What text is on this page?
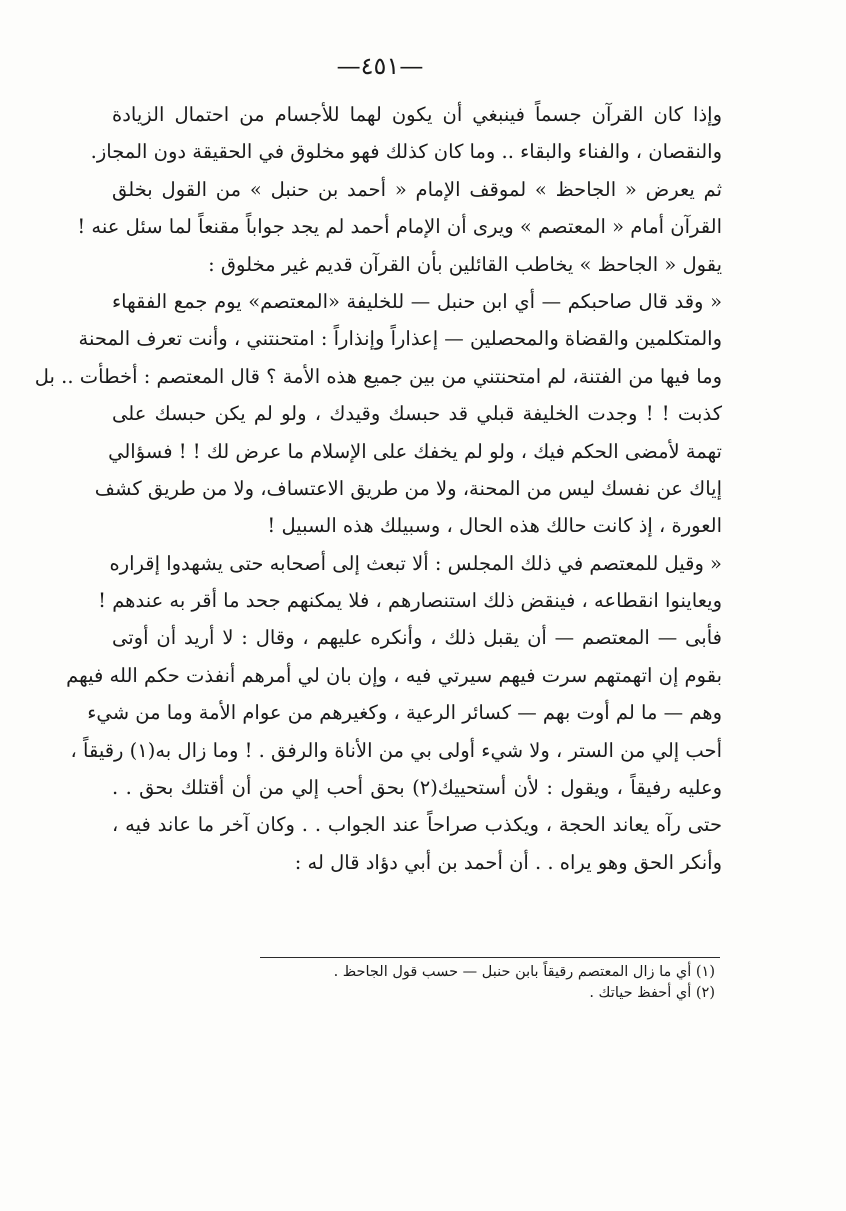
—٤٥١—
وإذا كان القرآن جسماً فينبغي أن يكون لهما للأجسام من احتمال الزيادة
والنقصان ، والفناء والبقاء .. وما كان كذلك فهو مخلوق في الحقيقة دون المجاز.
ثم يعرض « الجاحظ » لموقف الإمام « أحمد بن حنبل » من القول بخلق
القرآن أمام « المعتصم » ويرى أن الإمام أحمد لم يجد جواباً مقنعاً لما سئل عنه !
يقول « الجاحظ » يخاطب القائلين بأن القرآن قديم غير مخلوق :
« وقد قال صاحبكم — أي ابن حنبل — للخليفة «المعتصم» يوم جمع الفقهاء
والمتكلمين والقضاة والمحصلين — إعذاراً وإنذاراً : امتحنتني ، وأنت تعرف المحنة
وما فيها من الفتنة، لم امتحنتني من بين جميع هذه الأمة ؟ قال المعتصم : أخطأت .. بل
كذبت ! ! وجدت الخليفة قبلي قد حبسك وقيدك ، ولو لم يكن حبسك على
تهمة لأمضى الحكم فيك ، ولو لم يخفك على الإسلام ما عرض لك ! ! فسؤالي
إياك عن نفسك ليس من المحنة، ولا من طريق الاعتساف، ولا من طريق كشف
العورة ، إذ كانت حالك هذه الحال ، وسبيلك هذه السبيل !
« وقيل للمعتصم في ذلك المجلس : ألا تبعث إلى أصحابه حتى يشهدوا إقراره
ويعاينوا انقطاعه ، فينقض ذلك استنصارهم ، فلا يمكنهم جحد ما أقر به عندهم !
فأبى — المعتصم — أن يقبل ذلك ، وأنكره عليهم ، وقال : لا أريد أن أوتى
بقوم إن اتهمتهم سرت فيهم سيرتي فيه ، وإن بان لي أمرهم أنفذت حكم الله فيهم
وهم — ما لم أوت بهم — كسائر الرعية ، وكغيرهم من عوام الأمة وما من شيء
أحب إلي من الستر ، ولا شيء أولى بي من الأناة والرفق . ! وما زال به(١) رقيقاً ،
وعليه رفيقاً ، ويقول : لأن أستحييك(٢) بحق أحب إلي من أن أقتلك بحق . .
حتى رآه يعاند الحجة ، ويكذب صراحاً عند الجواب . . وكان آخر ما عاند فيه ،
وأنكر الحق وهو يراه . . أن أحمد بن أبي دؤاد قال له :
(١) أي ما زال المعتصم رقيقاً بابن حنبل — حسب قول الجاحظ .
(٢) أي أحفظ حياتك .
